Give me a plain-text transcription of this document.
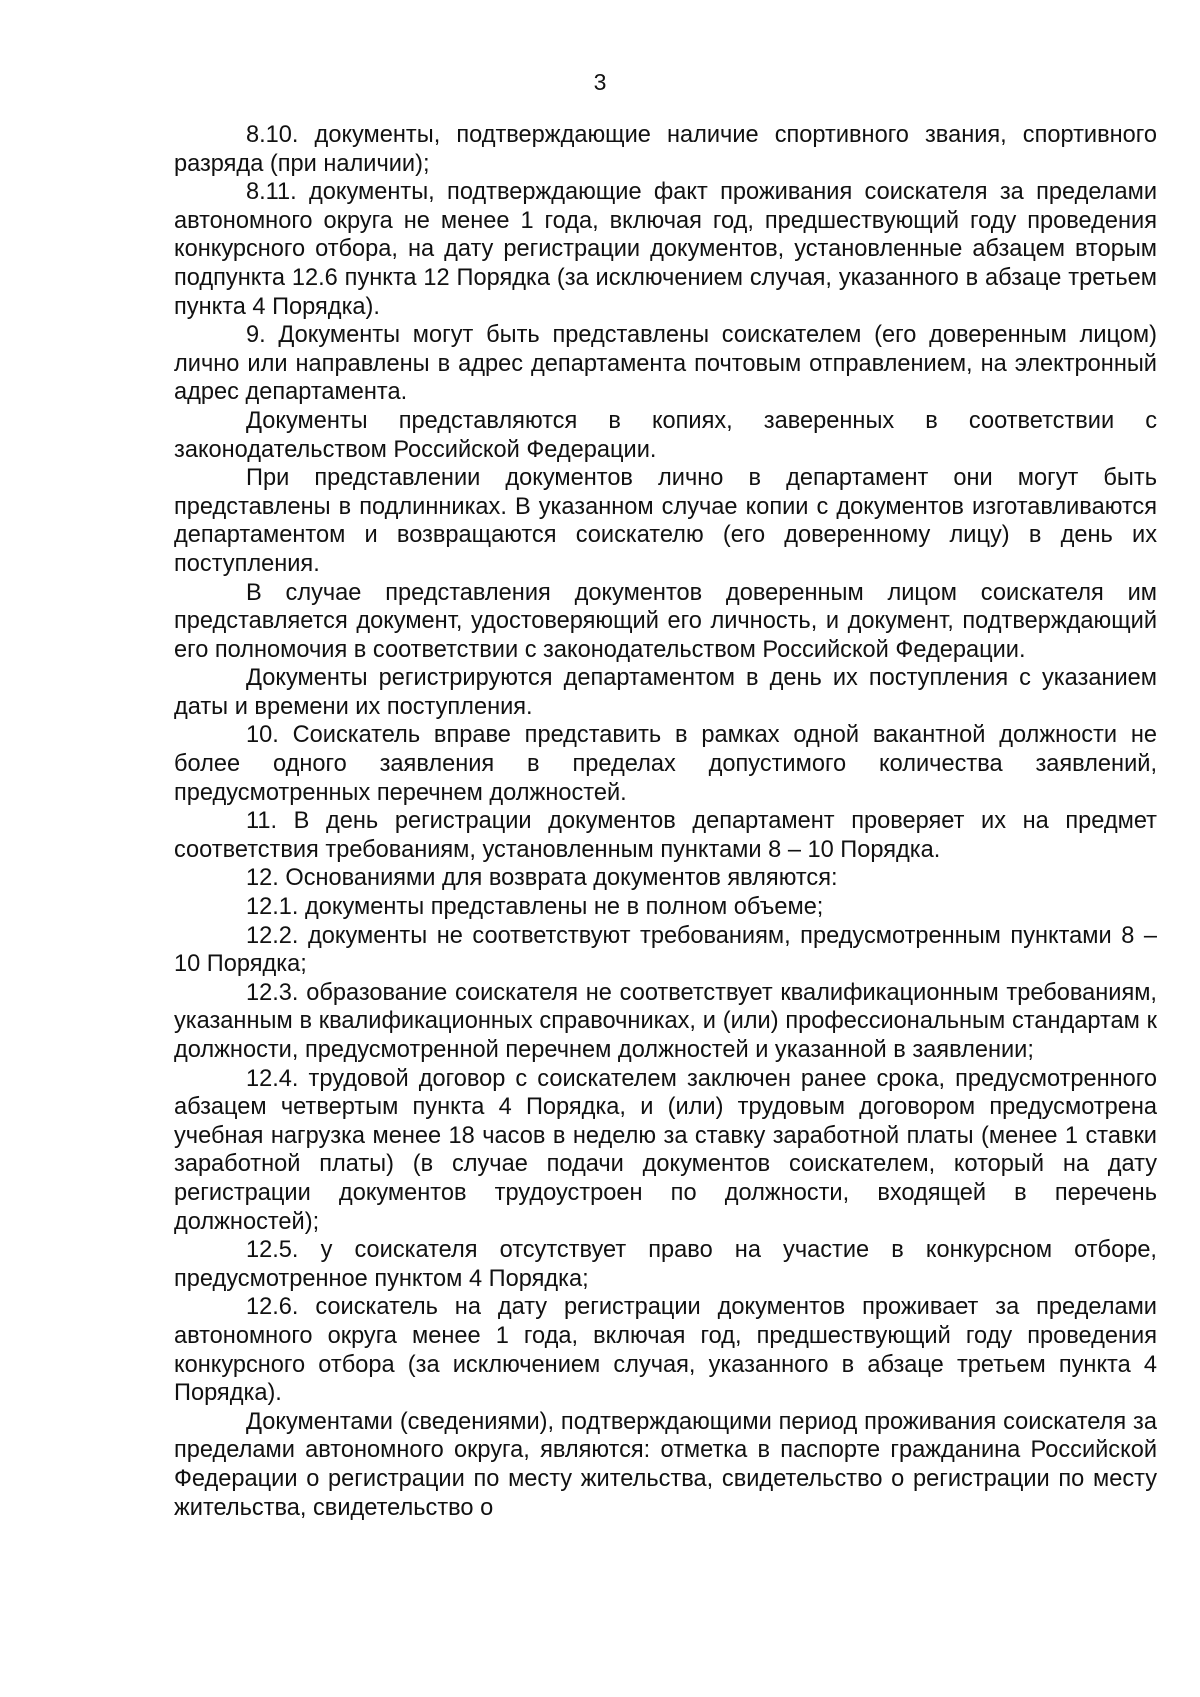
3

8.10. документы, подтверждающие наличие спортивного звания, спортивного разряда (при наличии);

8.11. документы, подтверждающие факт проживания соискателя за пределами автономного округа не менее 1 года, включая год, предшествующий году проведения конкурсного отбора, на дату регистрации документов, установленные абзацем вторым подпункта 12.6 пункта 12 Порядка (за исключением случая, указанного в абзаце третьем пункта 4 Порядка).

9. Документы могут быть представлены соискателем (его доверенным лицом) лично или направлены в адрес департамента почтовым отправлением, на электронный адрес департамента.

Документы представляются в копиях, заверенных в соответствии с законодательством Российской Федерации.

При представлении документов лично в департамент они могут быть представлены в подлинниках. В указанном случае копии с документов изготавливаются департаментом и возвращаются соискателю (его доверенному лицу) в день их поступления.

В случае представления документов доверенным лицом соискателя им представляется документ, удостоверяющий его личность, и документ, подтверждающий его полномочия в соответствии с законодательством Российской Федерации.

Документы регистрируются департаментом в день их поступления с указанием даты и времени их поступления.

10. Соискатель вправе представить в рамках одной вакантной должности не более одного заявления в пределах допустимого количества заявлений, предусмотренных перечнем должностей.

11. В день регистрации документов департамент проверяет их на предмет соответствия требованиям, установленным пунктами 8 – 10 Порядка.

12. Основаниями для возврата документов являются:

12.1. документы представлены не в полном объеме;

12.2. документы не соответствуют требованиям, предусмотренным пунктами 8 – 10 Порядка;

12.3. образование соискателя не соответствует квалификационным требованиям, указанным в квалификационных справочниках, и (или) профессиональным стандартам к должности, предусмотренной перечнем должностей и указанной в заявлении;

12.4. трудовой договор с соискателем заключен ранее срока, предусмотренного абзацем четвертым пункта 4 Порядка, и (или) трудовым договором предусмотрена учебная нагрузка менее 18 часов в неделю за ставку заработной платы (менее 1 ставки заработной платы) (в случае подачи документов соискателем, который на дату регистрации документов трудоустроен по должности, входящей в перечень должностей);

12.5. у соискателя отсутствует право на участие в конкурсном отборе, предусмотренное пунктом 4 Порядка;

12.6. соискатель на дату регистрации документов проживает за пределами автономного округа менее 1 года, включая год, предшествующий году проведения конкурсного отбора (за исключением случая, указанного в абзаце третьем пункта 4 Порядка).

Документами (сведениями), подтверждающими период проживания соискателя за пределами автономного округа, являются: отметка в паспорте гражданина Российской Федерации о регистрации по месту жительства, свидетельство о регистрации по месту жительства, свидетельство о
